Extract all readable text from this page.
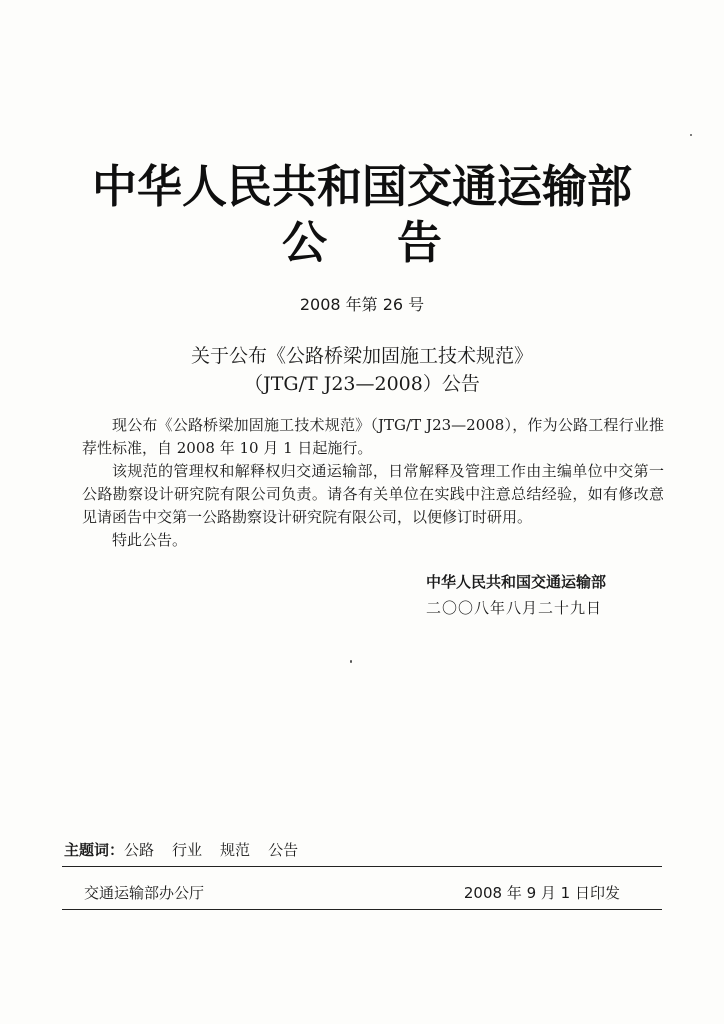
中华人民共和国交通运输部
公告
2008 年第 26 号
关于公布《公路桥梁加固施工技术规范》
（JTG/T J23—2008）公告

现公布《公路桥梁加固施工技术规范》（JTG/T J23—2008），作为公路工程行业推荐性标准，自 2008 年 10 月 1 日起施行。

该规范的管理权和解释权归交通运输部，日常解释及管理工作由主编单位中交第一公路勘察设计研究院有限公司负责。请各有关单位在实践中注意总结经验，如有修改意见请函告中交第一公路勘察设计研究院有限公司，以便修订时研用。

特此公告。

中华人民共和国交通运输部
二〇〇八年八月二十九日
主题词：公路 行业 规范 公告
交通运输部办公厅	2008 年 9 月 1 日印发
